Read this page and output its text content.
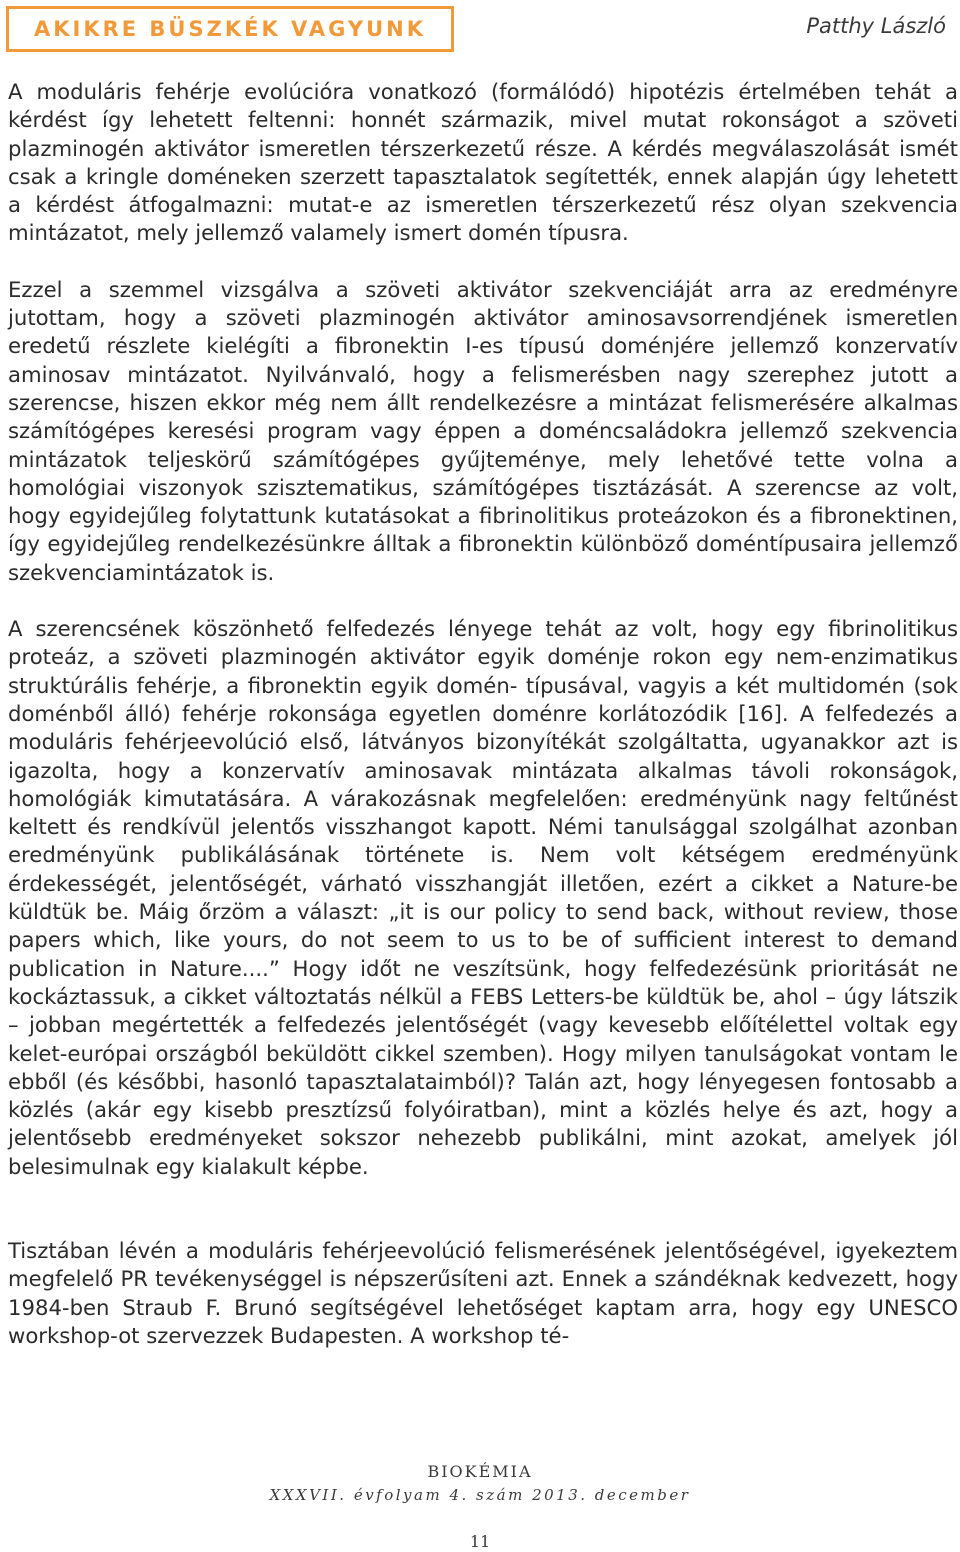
AKIKRE BÜSZKÉK VAGYUNK	Patthy László

A moduláris fehérje evolúcióra vonatkozó (formálódó) hipotézis értelmében tehát a kérdést így lehetett feltenni: honnét származik, mivel mutat rokonságot a szöveti plazminogén aktivátor ismeretlen térszerkezetű része. A kérdés megválaszolását ismét csak a kringle doméneken szerzett tapasztalatok segítették, ennek alapján úgy lehetett a kérdést átfogalmazni: mutat-e az ismeretlen térszerkezetű rész olyan szekvencia mintázatot, mely jellemző valamely ismert domén típusra.

Ezzel a szemmel vizsgálva a szöveti aktivátor szekvenciáját arra az eredményre jutottam, hogy a szöveti plazminogén aktivátor aminosavsorrendjének ismeretlen eredetű részlete kielégíti a fibronektin I-es típusú doménjére jellemző konzervatív aminosav mintázatot. Nyilvánvaló, hogy a felismerésben nagy szerephez jutott a szerencse, hiszen ekkor még nem állt rendelkezésre a mintázat felismerésére alkalmas számítógépes keresési program vagy éppen a doméncsaládokra jellemző szekvencia mintázatok teljeskörű számítógépes gyűjteménye, mely lehetővé tette volna a homológiai viszonyok szisztematikus, számítógépes tisztázását. A szerencse az volt, hogy egyidejűleg folytattunk kutatásokat a fibrinolitikus proteázokon és a fibronektinen, így egyidejűleg rendelkezésünkre álltak a fibronektin különböző doméntípusaira jellemző szekvenciamintázatok is.

A szerencsének köszönhető felfedezés lényege tehát az volt, hogy egy fibrinolitikus proteáz, a szöveti plazminogén aktivátor egyik doménje rokon egy nem-enzimatikus struktúrális fehérje, a fibronektin egyik domén- típusával, vagyis a két multidomén (sok doménből álló) fehérje rokonsága egyetlen doménre korlátozódik [16]. A felfedezés a moduláris fehérjeevolúció első, látványos bizonyítékát szolgáltatta, ugyanakkor azt is igazolta, hogy a konzervatív aminosavak mintázata alkalmas távoli rokonságok, homológiák kimutatására. A várakozásnak megfelelően: eredményünk nagy feltűnést keltett és rendkívül jelentős visszhangot kapott. Némi tanulsággal szolgálhat azonban eredményünk publikálásának története is. Nem volt kétségem eredményünk érdekességét, jelentőségét, várható visszhangját illetően, ezért a cikket a Nature-be küldtük be. Máig őrzöm a választ: „it is our policy to send back, without review, those papers which, like yours, do not seem to us to be of sufficient interest to demand publication in Nature....” Hogy időt ne veszítsünk, hogy felfedezésünk prioritását ne kockáztassuk, a cikket változtatás nélkül a FEBS Letters-be küldtük be, ahol – úgy látszik – jobban megértették a felfedezés jelentőségét (vagy kevesebb előítélettel voltak egy kelet-európai országból beküldött cikkel szemben). Hogy milyen tanulságokat vontam le ebből (és későbbi, hasonló tapasztalataimból)? Talán azt, hogy lényegesen fontosabb a közlés (akár egy kisebb presztízsű folyóiratban), mint a közlés helye és azt, hogy a jelentősebb eredményeket sokszor nehezebb publikálni, mint azokat, amelyek jól belesimulnak egy kialakult képbe.

Tisztában lévén a moduláris fehérjeevolúció felismerésének jelentőségével, igyekeztem megfelelő PR tevékenységgel is népszerűsíteni azt. Ennek a szándéknak kedvezett, hogy 1984-ben Straub F. Brunó segítségével lehetőséget kaptam arra, hogy egy UNESCO workshop-ot szervezzek Budapesten. A workshop té-

BIOKÉMIA
XXXVII. évfolyam 4. szám 2013. december
11
